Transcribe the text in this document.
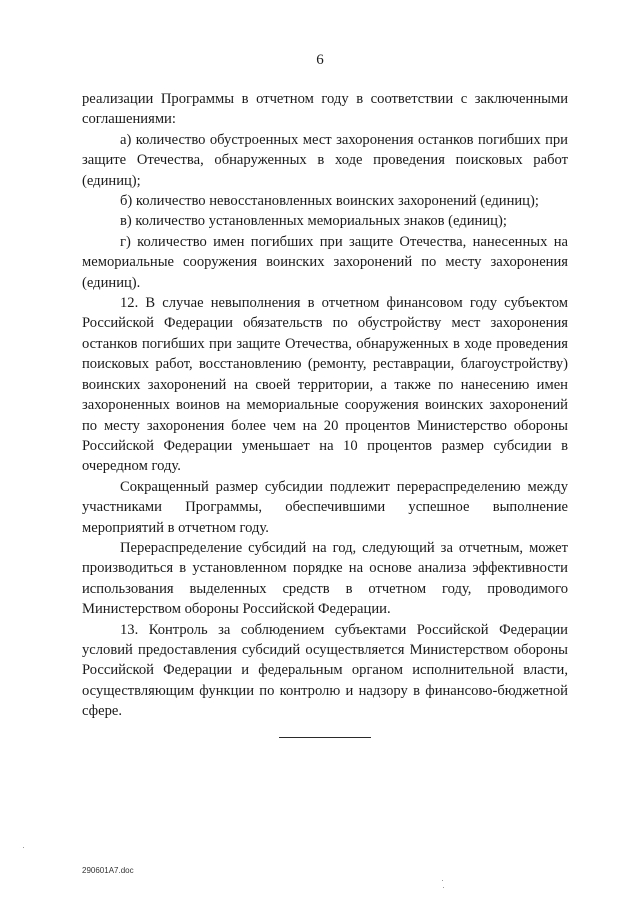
6

реализации Программы в отчетном году в соответствии с заключенными соглашениями:

а) количество обустроенных мест захоронения останков погибших при защите Отечества, обнаруженных в ходе проведения поисковых работ (единиц);

б) количество невосстановленных воинских захоронений (единиц);

в) количество установленных мемориальных знаков (единиц);

г) количество имен погибших при защите Отечества, нанесенных на мемориальные сооружения воинских захоронений по месту захоронения (единиц).

12. В случае невыполнения в отчетном финансовом году субъектом Российской Федерации обязательств по обустройству мест захоронения останков погибших при защите Отечества, обнаруженных в ходе проведения поисковых работ, восстановлению (ремонту, реставрации, благоустройству) воинских захоронений на своей территории, а также по нанесению имен захороненных воинов на мемориальные сооружения воинских захоронений по месту захоронения более чем на 20 процентов Министерство обороны Российской Федерации уменьшает на 10 процентов размер субсидии в очередном году.

Сокращенный размер субсидии подлежит перераспределению между участниками Программы, обеспечившими успешное выполнение мероприятий в отчетном году.

Перераспределение субсидий на год, следующий за отчетным, может производиться в установленном порядке на основе анализа эффективности использования выделенных средств в отчетном году, проводимого Министерством обороны Российской Федерации.

13. Контроль за соблюдением субъектами Российской Федерации условий предоставления субсидий осуществляется Министерством обороны Российской Федерации и федеральным органом исполнительной власти, осуществляющим функции по контролю и надзору в финансово-бюджетной сфере.

290601A7.doc
